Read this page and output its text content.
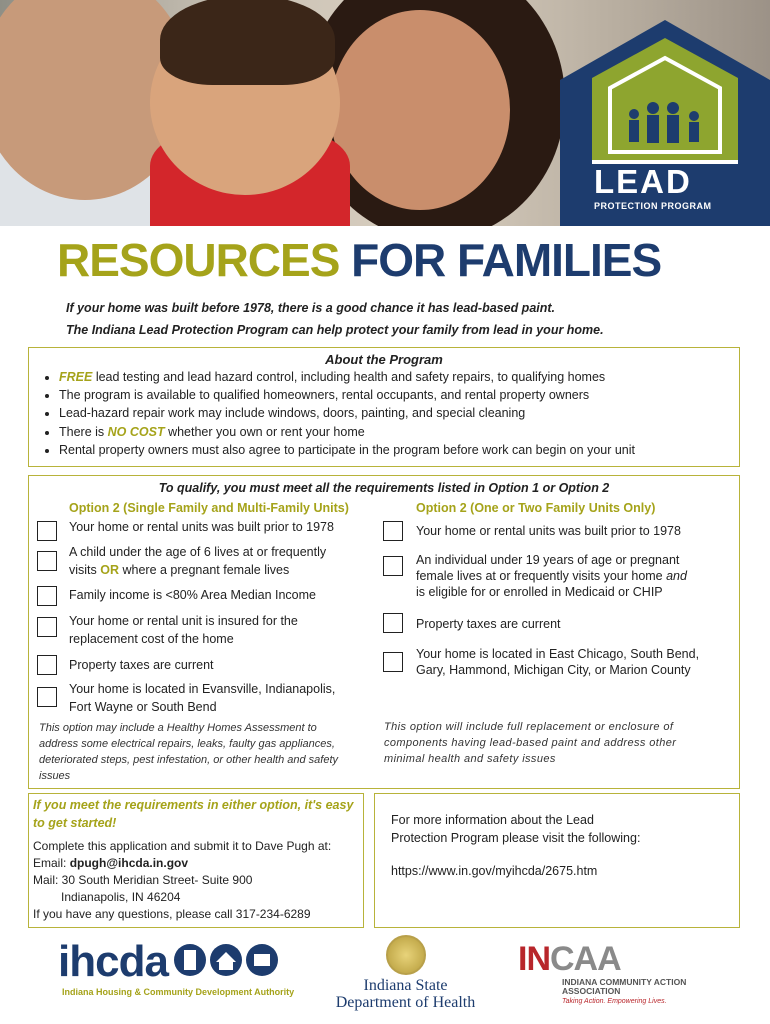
LEAD
PROTECTION PROGRAM
RESOURCES FOR FAMILIES
If your home was built before 1978, there is a good chance it has lead-based paint.
The Indiana Lead Protection Program can help protect your family from lead in your home.
About the Program
• FREE lead testing and lead hazard control, including health and safety repairs, to qualifying homes
• The program is available to qualified homeowners, rental occupants, and rental property owners
• Lead-hazard repair work may include windows, doors, painting, and special cleaning
• There is NO COST whether you own or rent your home
• Rental property owners must also agree to participate in the program before work can begin on your unit
To qualify, you must meet all the requirements listed in Option 1 or Option 2
Option 2 (Single Family and Multi-Family Units)	Option 2 (One or Two Family Units Only)
Your home or rental units was built prior to 1978
A child under the age of 6 lives at or frequently
visits OR where a pregnant female lives
Family income is <80% Area Median Income
Your home or rental unit is insured for the
replacement cost of the home
Property taxes are current
Your home is located in Evansville, Indianapolis,
Fort Wayne or South Bend
This option may include a Healthy Homes Assessment to address some electrical repairs, leaks, faulty gas appliances, deteriorated steps, pest infestation, or other health and safety issues
Your home or rental units was built prior to 1978
An individual under 19 years of age or pregnant
female lives at or frequently visits your home and
is eligible for or enrolled in Medicaid or CHIP
Property taxes are current
Your home is located in East Chicago, South Bend,
Gary, Hammond, Michigan City, or Marion County
This option will include full replacement or enclosure of components having lead-based paint and address other minimal health and safety issues
If you meet the requirements in either option, it's easy to get started!
Complete this application and submit it to Dave Pugh at:
Email: dpugh@ihcda.in.gov
Mail: 30 South Meridian Street- Suite 900
Indianapolis, IN 46204
If you have any questions, please call 317-234-6289
For more information about the Lead
Protection Program please visit the following:
https://www.in.gov/myihcda/2675.htm
ihcda
Indiana Housing & Community Development Authority	Indiana State
Department of Health
INCAA
INDIANA COMMUNITY ACTION ASSOCIATION
Taking Action. Empowering Lives.
